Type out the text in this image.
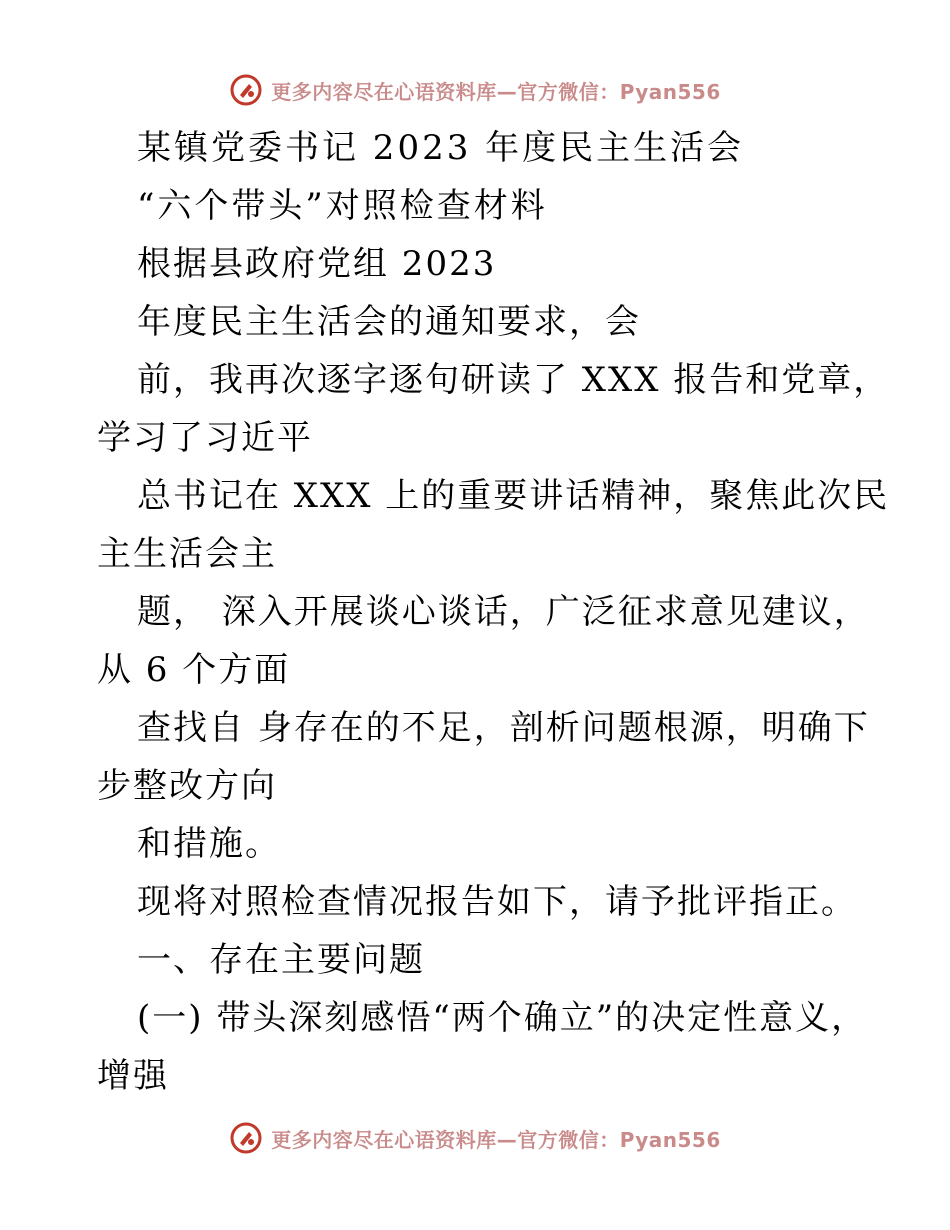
更多内容尽在心语资料库—官方微信：Pyan556
某镇党委书记 2023 年度民主生活会
“六个带头”对照检查材料
根据县政府党组 2023
年度民主生活会的通知要求，会
前，我再次逐字逐句研读了 XXX 报告和党章，
学习了习近平
总书记在 XXX 上的重要讲话精神，聚焦此次民
主生活会主
题， 深入开展谈心谈话，广泛征求意见建议，
从 6 个方面
查找自 身存在的不足，剖析问题根源，明确下
步整改方向
和措施。
现将对照检查情况报告如下，请予批评指正。
一、存在主要问题
(一) 带头深刻感悟“两个确立”的决定性意义，
增强
更多内容尽在心语资料库—官方微信：Pyan556
